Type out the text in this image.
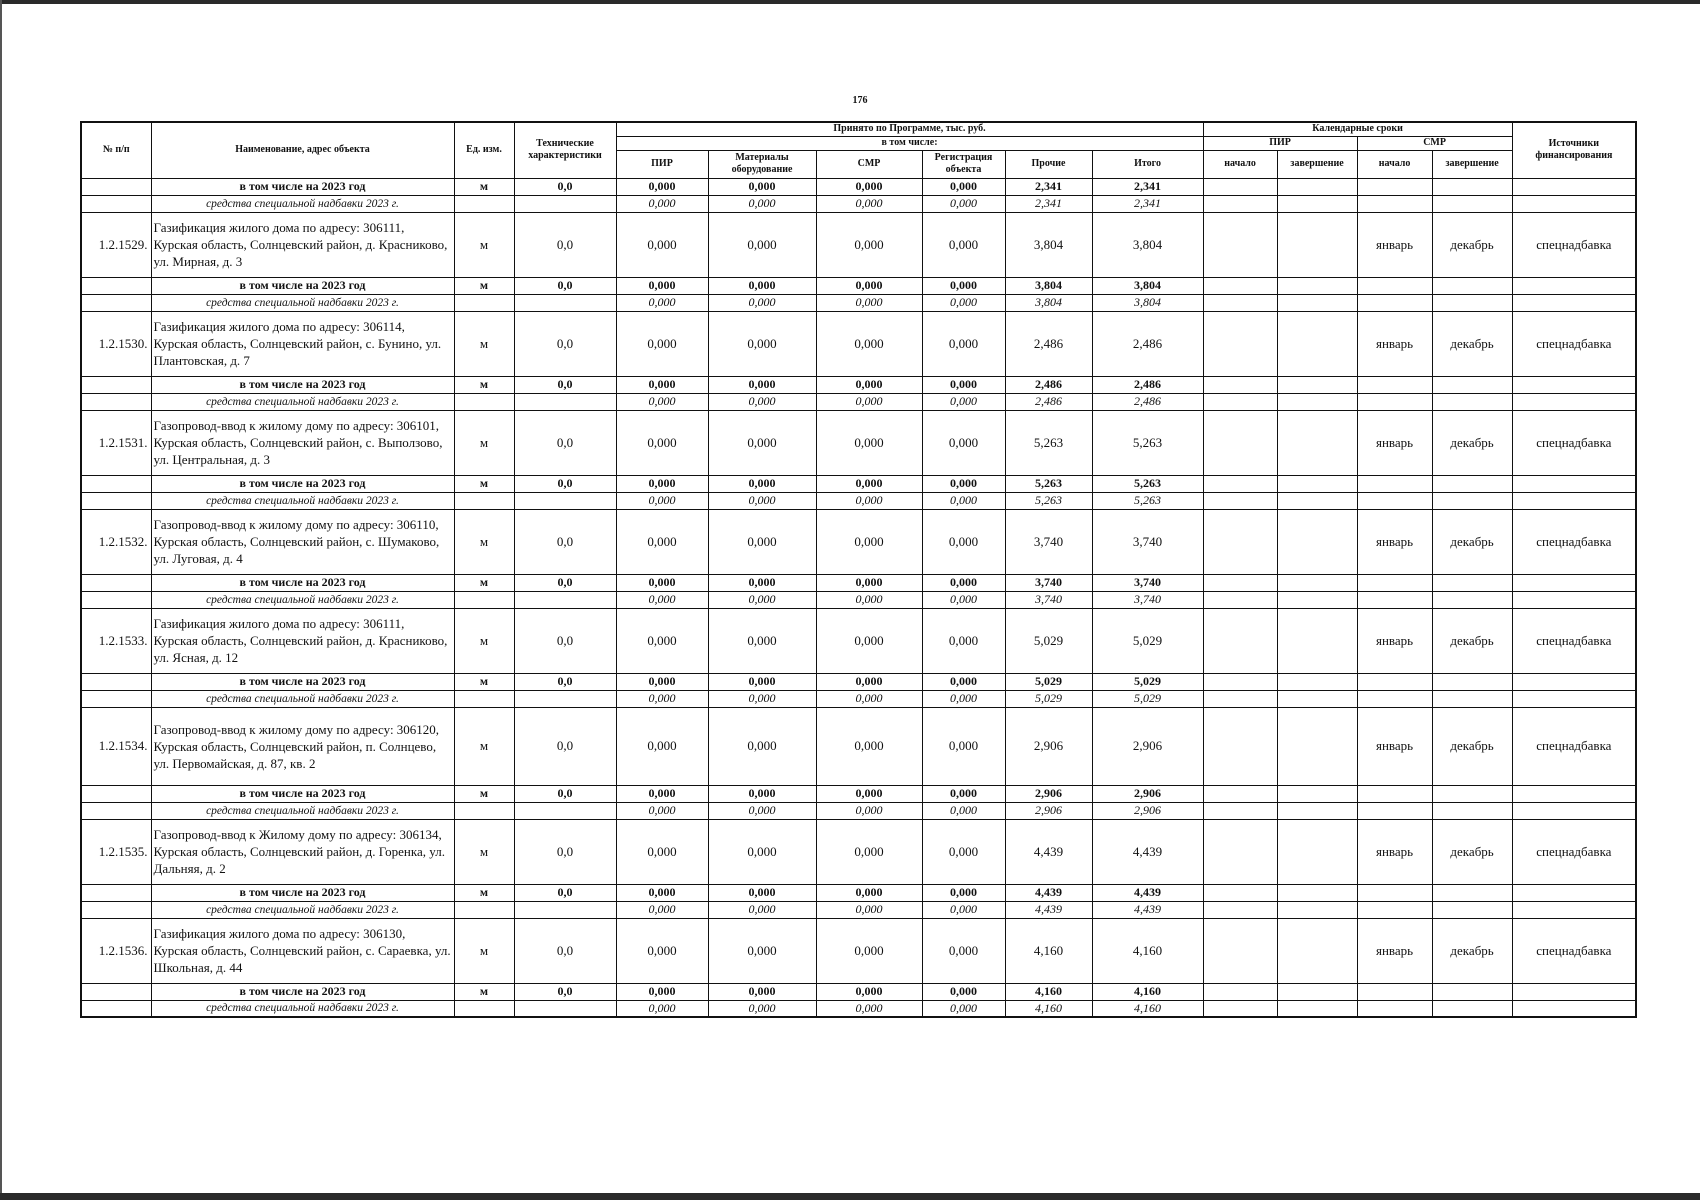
176
№ п/п	Наименование, адрес объекта	Ед. изм.	Технические характеристики	Принято по Программе, тыс. руб.						Календарные сроки				Источники финансирования
				в том числе:						ПИР		СМР		
				ПИР	Материалы оборудование	СМР	Регистрация объекта	Прочие	Итого	начало	завершение	начало	завершение	
	в том числе на 2023 год	м	0,0	0,000	0,000	0,000	0,000	2,341	2,341					
	средства специальной надбавки 2023 г.			0,000	0,000	0,000	0,000	2,341	2,341					
1.2.1529.	Газификация жилого дома по адресу: 306111, Курская область, Солнцевский район, д. Красниково, ул. Мирная, д. 3	м	0,0	0,000	0,000	0,000	0,000	3,804	3,804			январь	декабрь	спецнадбавка
	в том числе на 2023 год	м	0,0	0,000	0,000	0,000	0,000	3,804	3,804					
	средства специальной надбавки 2023 г.			0,000	0,000	0,000	0,000	3,804	3,804					
1.2.1530.	Газификация жилого дома по адресу: 306114, Курская область, Солнцевский район, с. Бунино, ул. Плантовская, д. 7	м	0,0	0,000	0,000	0,000	0,000	2,486	2,486			январь	декабрь	спецнадбавка
	в том числе на 2023 год	м	0,0	0,000	0,000	0,000	0,000	2,486	2,486					
	средства специальной надбавки 2023 г.			0,000	0,000	0,000	0,000	2,486	2,486					
1.2.1531.	Газопровод-ввод к жилому дому по адресу: 306101, Курская область, Солнцевский район, с. Выползово, ул. Центральная, д. 3	м	0,0	0,000	0,000	0,000	0,000	5,263	5,263			январь	декабрь	спецнадбавка
	в том числе на 2023 год	м	0,0	0,000	0,000	0,000	0,000	5,263	5,263					
	средства специальной надбавки 2023 г.			0,000	0,000	0,000	0,000	5,263	5,263					
1.2.1532.	Газопровод-ввод к жилому дому по адресу: 306110, Курская область, Солнцевский район, с. Шумаково, ул. Луговая, д. 4	м	0,0	0,000	0,000	0,000	0,000	3,740	3,740			январь	декабрь	спецнадбавка
	в том числе на 2023 год	м	0,0	0,000	0,000	0,000	0,000	3,740	3,740					
	средства специальной надбавки 2023 г.			0,000	0,000	0,000	0,000	3,740	3,740					
1.2.1533.	Газификация жилого дома по адресу: 306111, Курская область, Солнцевский район, д. Красниково, ул. Ясная, д. 12	м	0,0	0,000	0,000	0,000	0,000	5,029	5,029			январь	декабрь	спецнадбавка
	в том числе на 2023 год	м	0,0	0,000	0,000	0,000	0,000	5,029	5,029					
	средства специальной надбавки 2023 г.			0,000	0,000	0,000	0,000	5,029	5,029					
1.2.1534.	Газопровод-ввод к жилому дому по адресу: 306120, Курская область, Солнцевский район, п. Солнцево, ул. Первомайская, д. 87, кв. 2	м	0,0	0,000	0,000	0,000	0,000	2,906	2,906			январь	декабрь	спецнадбавка
	в том числе на 2023 год	м	0,0	0,000	0,000	0,000	0,000	2,906	2,906					
	средства специальной надбавки 2023 г.			0,000	0,000	0,000	0,000	2,906	2,906					
1.2.1535.	Газопровод-ввод к Жилому дому по адресу: 306134, Курская область, Солнцевский район, д. Горенка, ул. Дальняя, д. 2	м	0,0	0,000	0,000	0,000	0,000	4,439	4,439			январь	декабрь	спецнадбавка
	в том числе на 2023 год	м	0,0	0,000	0,000	0,000	0,000	4,439	4,439					
	средства специальной надбавки 2023 г.			0,000	0,000	0,000	0,000	4,439	4,439					
1.2.1536.	Газификация жилого дома по адресу: 306130, Курская область, Солнцевский район, с. Сараевка, ул. Школьная, д. 44	м	0,0	0,000	0,000	0,000	0,000	4,160	4,160			январь	декабрь	спецнадбавка
	в том числе на 2023 год	м	0,0	0,000	0,000	0,000	0,000	4,160	4,160					
	средства специальной надбавки 2023 г.			0,000	0,000	0,000	0,000	4,160	4,160					
